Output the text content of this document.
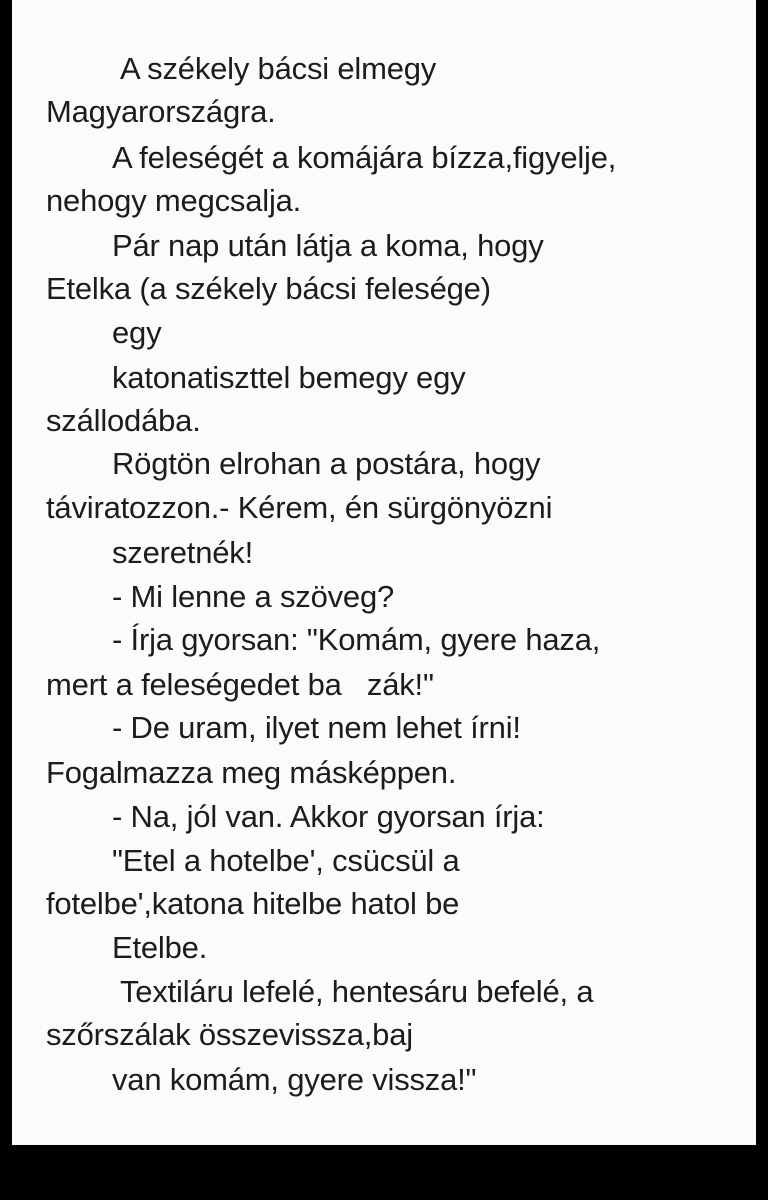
A székely bácsi elmegy
Magyarországra.
A feleségét a komájára bízza,figyelje,
nehogy megcsalja.
Pár nap után látja a koma, hogy
Etelka (a székely bácsi felesége)
egy
katonatiszttel bemegy egy
szállodába.
Rögtön elrohan a postára, hogy
táviratozzon.- Kérem, én sürgönyözni
szeretnék!
- Mi lenne a szöveg?
- Írja gyorsan: "Komám, gyere haza,
mert a feleségedet ba   zák!"
- De uram, ilyet nem lehet írni!
Fogalmazza meg másképpen.
- Na, jól van. Akkor gyorsan írja:
"Etel a hotelbe', csücsül a
fotelbe',katona hitelbe hatol be
Etelbe.
Textiláru lefelé, hentesáru befelé, a
szőrszálak összevissza,baj
van komám, gyere vissza!"
